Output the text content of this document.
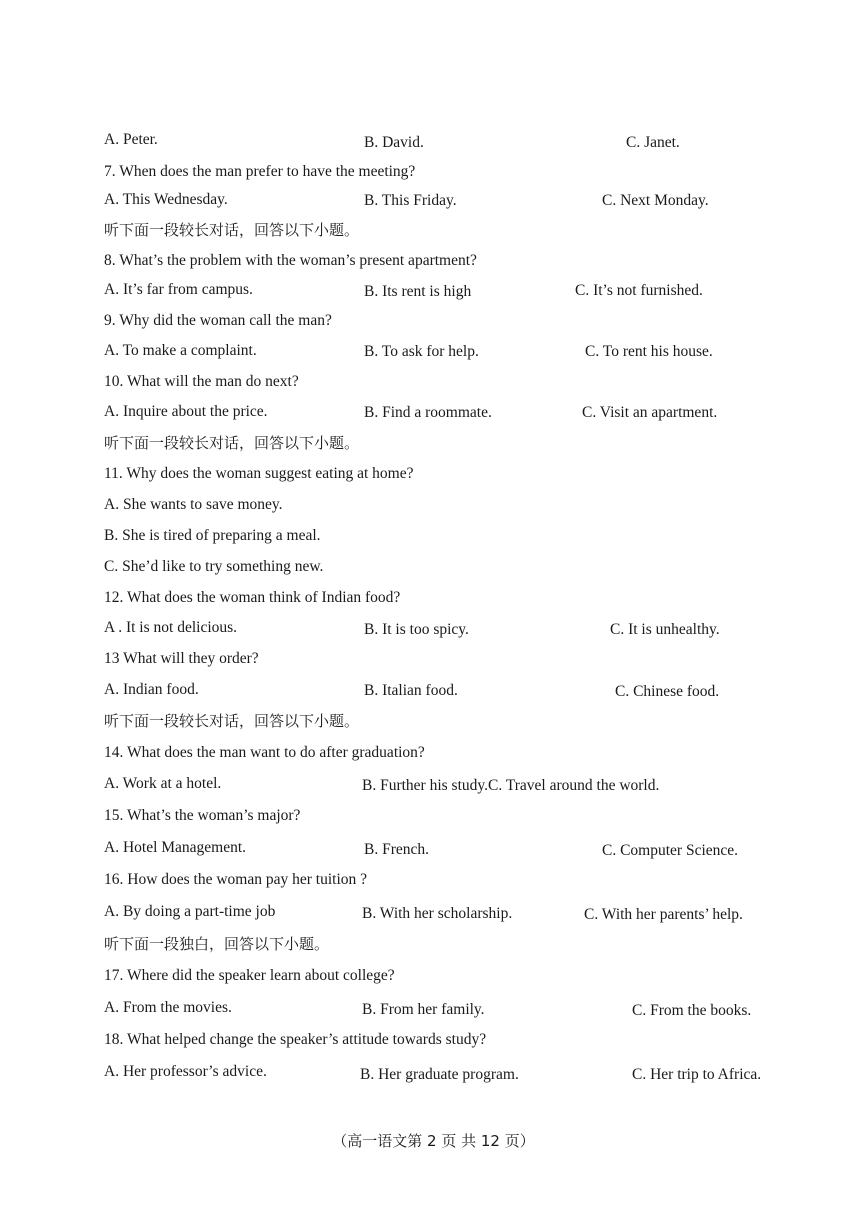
A. Peter.	B. David.	C. Janet.
7. When does the man prefer to have the meeting?
A. This Wednesday.	B. This Friday.	C. Next Monday.
听下面一段较长对话，回答以下小题。
8. What’s the problem with the woman’s present apartment?
A. It’s far from campus.	B. Its rent is high	C. It’s not furnished.
9. Why did the woman call the man?
A. To make a complaint.	B. To ask for help.	C. To rent his house.
10. What will the man do next?
A. Inquire about the price.	B. Find a roommate.	C. Visit an apartment.
听下面一段较长对话，回答以下小题。
11. Why does the woman suggest eating at home?
A. She wants to save money.
B. She is tired of preparing a meal.
C. She’d like to try something new.
12. What does the woman think of Indian food?
A . It is not delicious.	B. It is too spicy.	C. It is unhealthy.
13 What will they order?
A. Indian food.	B. Italian food.	C. Chinese food.
听下面一段较长对话，回答以下小题。
14. What does the man want to do after graduation?
A. Work at a hotel.	B. Further his study.C. Travel around the world.
15. What’s the woman’s major?
A. Hotel Management.	B. French.	C. Computer Science.
16. How does the woman pay her tuition ?
A. By doing a part-time job	B. With her scholarship.	C. With her parents’ help.
听下面一段独白，回答以下小题。
17. Where did the speaker learn about college?
A. From the movies.	B. From her family.	C. From the books.
18. What helped change the speaker’s attitude towards study?
A. Her professor’s advice.	B. Her graduate program.	C. Her trip to Africa.
（高一语文第 2 页 共 12 页）
